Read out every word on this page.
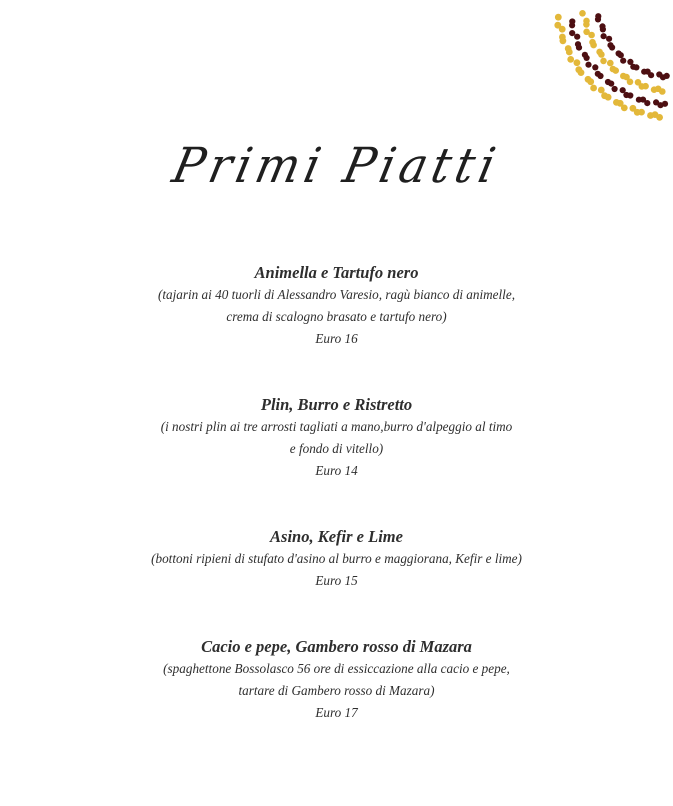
Primi Piatti
Animella e Tartufo nero
(tajarin ai 40 tuorli di Alessandro Varesio, ragù bianco di animelle,
crema di scalogno brasato e tartufo nero)
Euro 16
Plin, Burro e Ristretto
(i nostri plin ai tre arrosti tagliati a mano,burro d'alpeggio al timo
e fondo di vitello)
Euro 14
Asino, Kefir e Lime
(bottoni ripieni di stufato d'asino al burro e maggiorana, Kefir e lime)
Euro 15
Cacio e pepe, Gambero rosso di Mazara
(spaghettone Bossolasco 56 ore di essiccazione alla cacio e pepe,
tartare di Gambero rosso di Mazara)
Euro 17
